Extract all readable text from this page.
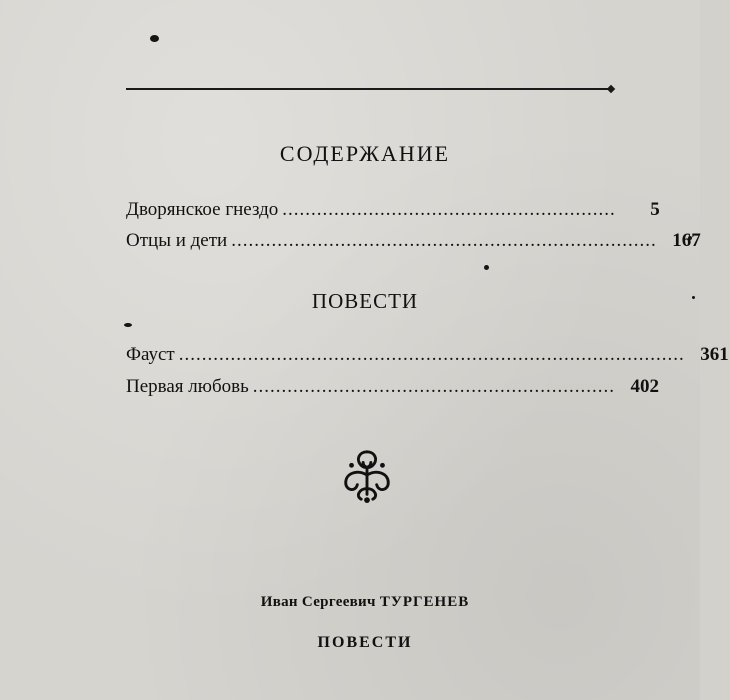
СОДЕРЖАНИЕ
Дворянское гнездо ..........................................................	5
Отцы и дети .......................................................................... 167
ПОВЕСТИ
Фауст ........................................................................................ 361
Первая любовь ............................................................... 402
Иван Сергеевич ТУРГЕНЕВ
ПОВЕСТИ
